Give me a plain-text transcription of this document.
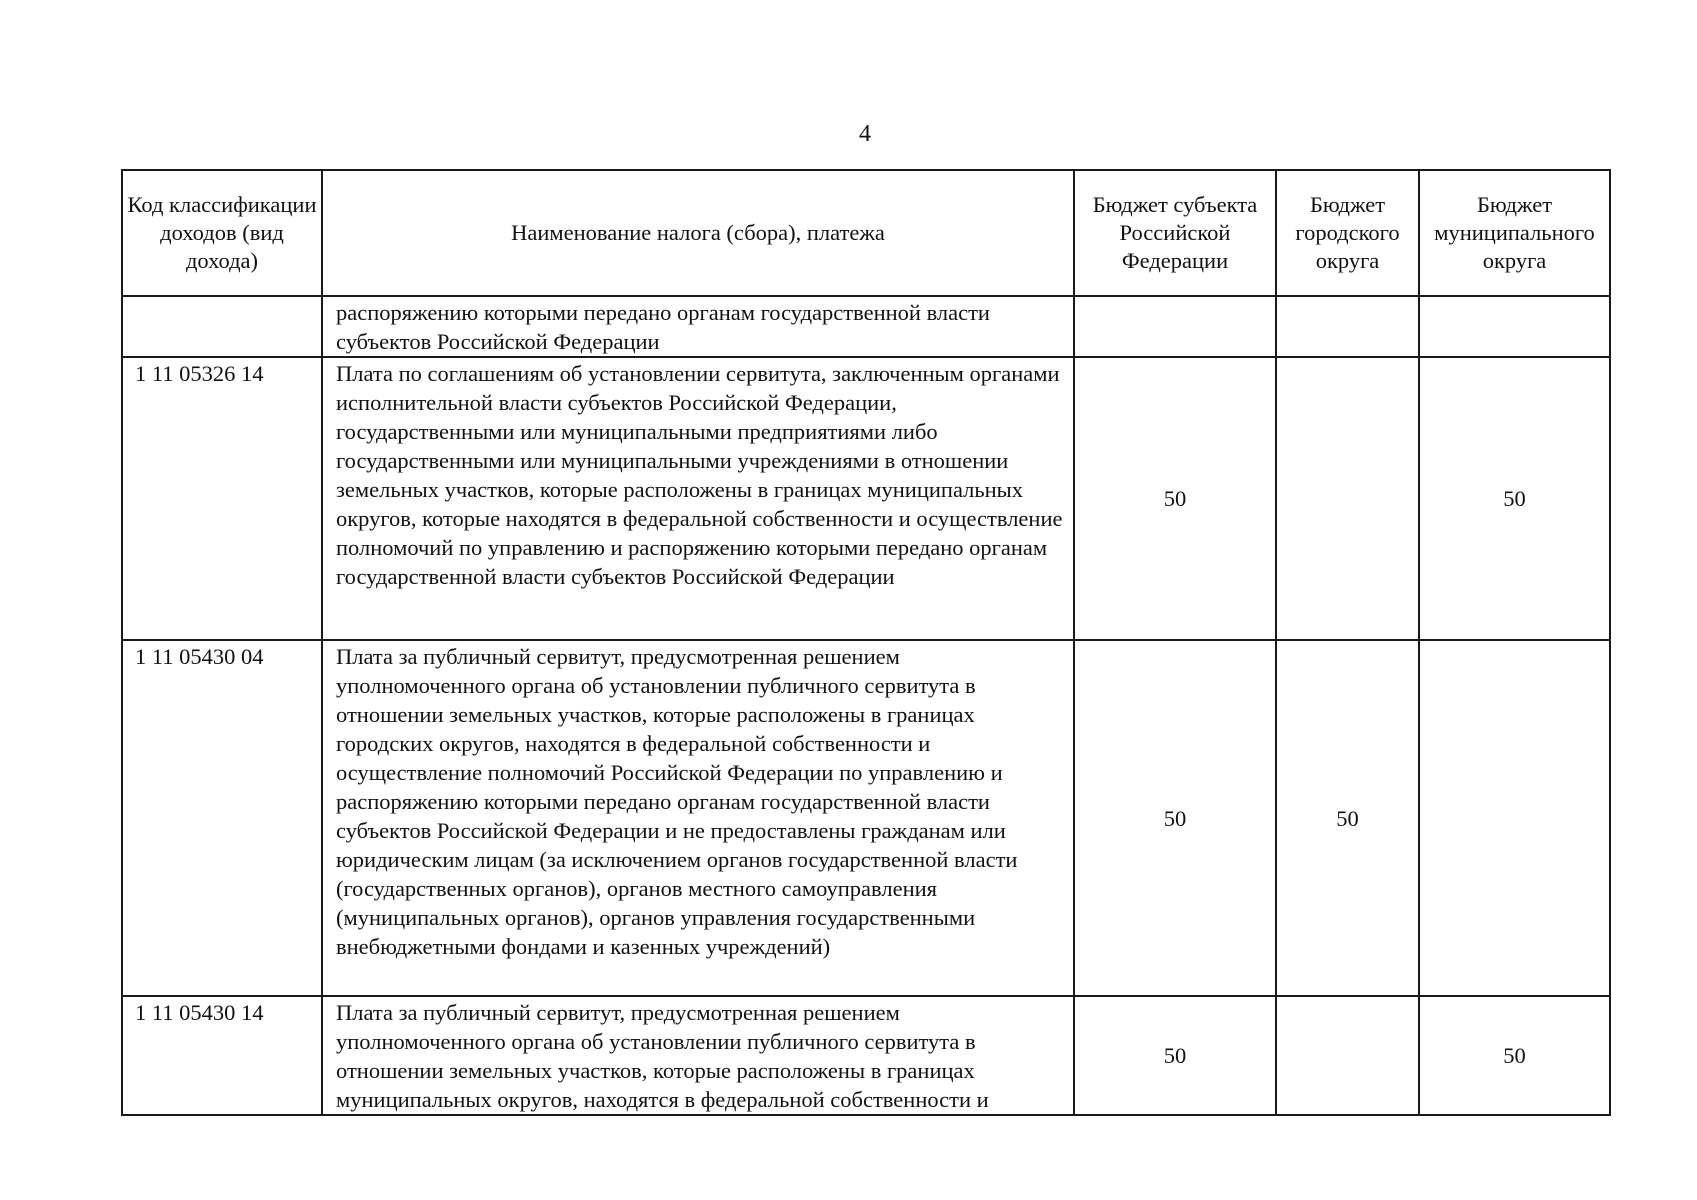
4
Код классификации доходов (вид дохода)	Наименование налога (сбора), платежа	Бюджет субъекта Российской Федерации	Бюджет городского округа	Бюджет муниципального округа
	распоряжению которыми передано органам государственной власти субъектов Российской Федерации			
1 11 05326 14	Плата по соглашениям об установлении сервитута, заключенным органами исполнительной власти субъектов Российской Федерации, государственными или муниципальными предприятиями либо государственными или муниципальными учреждениями в отношении земельных участков, которые расположены в границах муниципальных округов, которые находятся в федеральной собственности и осуществление полномочий по управлению и распоряжению которыми передано органам государственной власти субъектов Российской Федерации	50		50
1 11 05430 04	Плата за публичный сервитут, предусмотренная решением уполномоченного органа об установлении публичного сервитута в отношении земельных участков, которые расположены в границах городских округов, находятся в федеральной собственности и осуществление полномочий Российской Федерации по управлению и распоряжению которыми передано органам государственной власти субъектов Российской Федерации и не предоставлены гражданам или юридическим лицам (за исключением органов государственной власти (государственных органов), органов местного самоуправления (муниципальных органов), органов управления государственными внебюджетными фондами и казенных учреждений)	50	50	
1 11 05430 14	Плата за публичный сервитут, предусмотренная решением уполномоченного органа об установлении публичного сервитута в отношении земельных участков, которые расположены в границах муниципальных округов, находятся в федеральной собственности и	50		50
